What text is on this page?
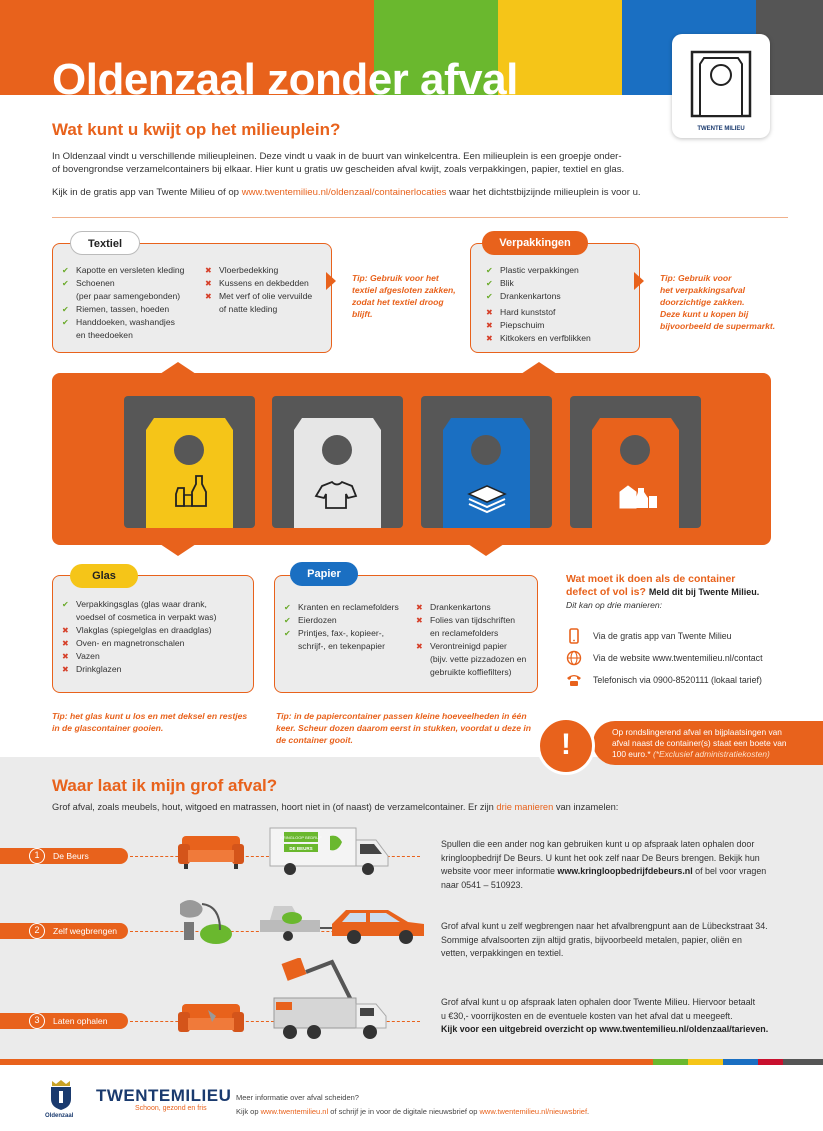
Oldenzaal zonder afval
TWENTE MILIEU
Wat kunt u kwijt op het milieuplein?

In Oldenzaal vindt u verschillende milieupleinen. Deze vindt u vaak in de buurt van winkelcentra. Een milieuplein is een groepje onder-

of bovengrondse verzamelcontainers bij elkaar. Hier kunt u gratis uw gescheiden afval kwijt, zoals verpakkingen, papier, textiel en glas.

Kijk in de gratis app van Twente Milieu of op www.twentemilieu.nl/oldenzaal/containerlocaties waar het dichtstbijzijnde milieuplein is voor u.

Textiel
✔ Kapotte en versleten kleding
✔ Schoenen
(per paar samengebonden)
✔ Riemen, tassen, hoeden
✔ Handdoeken, washandjes
en theedoeken
✖ Vloerbedekking
✖ Kussens en dekbedden
✖ Met verf of olie vervuilde
of natte kleding
Tip: Gebruik voor het
textiel afgesloten zakken,
zodat het textiel droog
blijft.
Verpakkingen
✔ Plastic verpakkingen
✔ Blik
✔ Drankenkartons
✖ Hard kunststof
✖ Piepschuim
✖ Kitkokers en verfblikken
Tip: Gebruik voor
het verpakkingsafval
doorzichtige zakken.
Deze kunt u kopen bij
bijvoorbeeld de supermarkt.
Glas
✔ Verpakkingsglas (glas waar drank,
voedsel of cosmetica in verpakt was)
✖ Vlakglas (spiegelglas en draadglas)
✖ Oven- en magnetronschalen
✖ Vazen
✖ Drinkglazen
Tip: het glas kunt u los en met deksel en restjes
in de glascontainer gooien.
Papier
✔ Kranten en reclamefolders
✔ Eierdozen
✔ Printjes, fax-, kopieer-,
schrijf-, en tekenpapier
✖ Drankenkartons
✖ Folies van tijdschriften
en reclamefolders
✖ Verontreinigd papier
(bijv. vette pizzadozen en
gebruikte koffiefilters)
Tip: in de papiercontainer passen kleine hoeveelheden in één
keer. Scheur dozen daarom eerst in stukken, voordat u deze in
de container gooit.
Wat moet ik doen als de container
defect of vol is? Meld dit bij Twente Milieu.
Dit kan op drie manieren:
Via de gratis app van Twente Milieu
Via de website www.twentemilieu.nl/contact
Telefonisch via 0900-8520111 (lokaal tarief)
!	Op rondslingerend afval en bijplaatsingen van
afval naast de container(s) staat een boete van
100 euro.* (*Exclusief administratiekosten)
Waar laat ik mijn grof afval?
Grof afval, zoals meubels, hout, witgoed en matrassen, hoort niet in (of naast) de verzamelcontainer. Er zijn drie manieren van inzamelen:
1	De Beurs
KRINGLOOP BEDRIJF
DE BEURS	Spullen die een ander nog kan gebruiken kunt u op afspraak laten ophalen door
kringloopbedrijf De Beurs. U kunt het ook zelf naar De Beurs brengen. Bekijk hun
website voor meer informatie www.kringloopbedrijfdebeurs.nl of bel voor vragen
naar 0541 – 510923.
2	Zelf wegbrengen	Grof afval kunt u zelf wegbrengen naar het afvalbrengpunt aan de Lübeckstraat 34.
Sommige afvalsoorten zijn altijd gratis, bijvoorbeeld metalen, papier, oliën en
vetten, verpakkingen en textiel.
3	Laten ophalen
Grof afval kunt u op afspraak laten ophalen door Twente Milieu. Hiervoor betaalt
u €30,- voorrijkosten en de eventuele kosten van het afval dat u meegeeft.
Kijk voor een uitgebreid overzicht op www.twentemilieu.nl/oldenzaal/tarieven.
Oldenzaal
TWENTEMILIEU
Schoon, gezond en fris
Meer informatie over afval scheiden?
Kijk op www.twentemilieu.nl of schrijf je in voor de digitale nieuwsbrief op www.twentemilieu.nl/nieuwsbrief.
